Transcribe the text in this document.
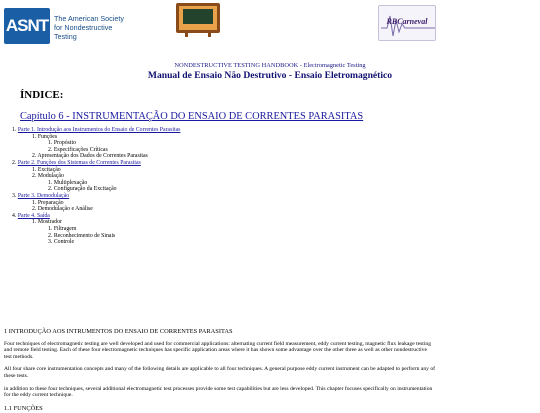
ASNT The American Society
for Nondestructive Testing
RBCarneval
NONDESTRUCTIVE TESTING HANDBOOK - Electromagnetic Testing
Manual de Ensaio Não Destrutivo - Ensaio Eletromagnético
ÍNDICE:
Capítulo 6 - INSTRUMENTAÇÃO DO ENSAIO DE CORRENTES PARASITAS
1. Parte 1. Introdução aos Instrumentos do Ensaio de Correntes Parasitas
1. Funções
1. Propósito
2. Especificações Críticas
2. Apresentação dos Dados de Correntes Parasitas
2. Parte 2. Funções dos Sistemas de Correntes Parasitas
1. Excitação
2. Modulação
1. Multiplexação
2. Configuração da Excitação
3. Parte 3. Demodulação
1. Preparação
2. Demodulação e Análise
4. Parte 4. Saída
1. Mostrador
1. Filtragem
2. Reconhecimento de Sinais
3. Controle
1 INTRODUÇÃO AOS INTRUMENTOS DO ENSAIO DE CORRENTES PARASITAS
Four techniques of electromagnetic testing are well developed and used for commercial applications: alternating current field measurement, eddy current testing, magnetic flux leakage testing and remote field testing. Each of these four electromagnetic techniques has specific application areas where it has shown some advantage over the other three as well as other nondestructive test methods.
All four share core instrumentation concepts and many of the following details are applicable to all four techniques. A general purpose eddy current instrument can be adapted to perform any of these tests.
in addition to these four techniques, several additional electromagnetic test processes provide some test capabilities but are less developed. This chapter focuses specifically on instrumentation for the eddy current technique.
1.1 FUNÇÕES
